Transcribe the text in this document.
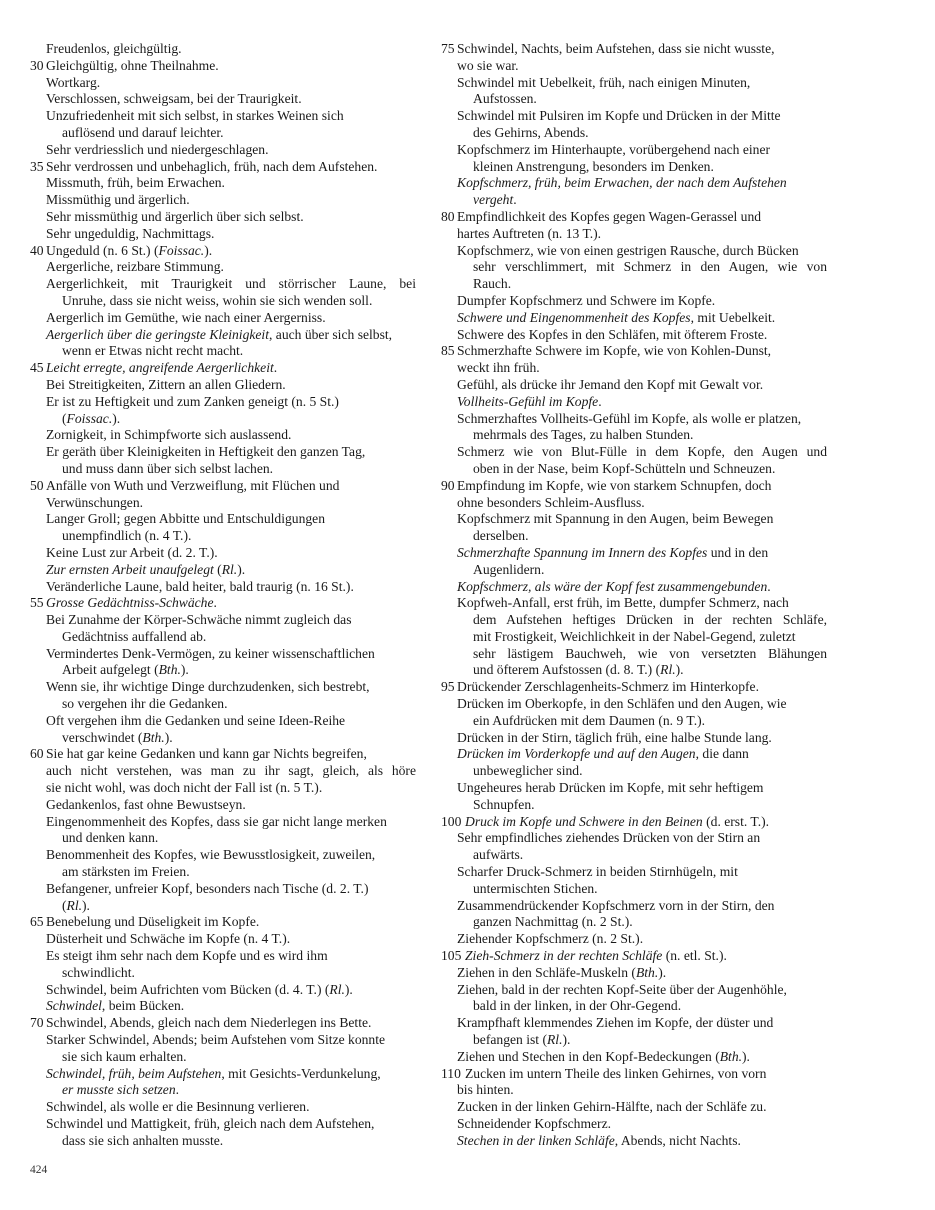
Freudenlos, gleichgültig.
30 Gleichgültig, ohne Theilnahme.
Wortkarg.
Verschlossen, schweigsam, bei der Traurigkeit.
Unzufriedenheit mit sich selbst, in starkes Weinen sich
auflösend und darauf leichter.
Sehr verdriesslich und niedergeschlagen.
35 Sehr verdrossen und unbehaglich, früh, nach dem Aufstehen.
Missmuth, früh, beim Erwachen.
Missmüthig und ärgerlich.
Sehr missmüthig und ärgerlich über sich selbst.
Sehr ungeduldig, Nachmittags.
40 Ungeduld (n. 6 St.) (Foissac.).
Aergerliche, reizbare Stimmung.
Aergerlichkeit, mit Traurigkeit und störrischer Laune, bei
Unruhe, dass sie nicht weiss, wohin sie sich wenden soll.
Aergerlich im Gemüthe, wie nach einer Aergerniss.
Aergerlich über die geringste Kleinigkeit, auch über sich selbst,
wenn er Etwas nicht recht macht.
45 Leicht erregte, angreifende Aergerlichkeit.
Bei Streitigkeiten, Zittern an allen Gliedern.
Er ist zu Heftigkeit und zum Zanken geneigt (n. 5 St.)
(Foissac.).
Zornigkeit, in Schimpfworte sich auslassend.
Er geräth über Kleinigkeiten in Heftigkeit den ganzen Tag,
und muss dann über sich selbst lachen.
50 Anfälle von Wuth und Verzweiflung, mit Flüchen und
Verwünschungen.
Langer Groll; gegen Abbitte und Entschuldigungen
unempfindlich (n. 4 T.).
Keine Lust zur Arbeit (d. 2. T.).
Zur ernsten Arbeit unaufgelegt (Rl.).
Veränderliche Laune, bald heiter, bald traurig (n. 16 St.).
55 Grosse Gedächtniss-Schwäche.
Bei Zunahme der Körper-Schwäche nimmt zugleich das
Gedächtniss auffallend ab.
Vermindertes Denk-Vermögen, zu keiner wissenschaftlichen
Arbeit aufgelegt (Bth.).
Wenn sie, ihr wichtige Dinge durchzudenken, sich bestrebt,
so vergehen ihr die Gedanken.
Oft vergehen ihm die Gedanken und seine Ideen-Reihe
verschwindet (Bth.).
60 Sie hat gar keine Gedanken und kann gar Nichts begreifen,
auch nicht verstehen, was man zu ihr sagt, gleich, als höre
sie nicht wohl, was doch nicht der Fall ist (n. 5 T.).
Gedankenlos, fast ohne Bewustseyn.
Eingenommenheit des Kopfes, dass sie gar nicht lange merken
und denken kann.
Benommenheit des Kopfes, wie Bewusstlosigkeit, zuweilen,
am stärksten im Freien.
Befangener, unfreier Kopf, besonders nach Tische (d. 2. T.)
(Rl.).
65 Benebelung und Düseligkeit im Kopfe.
Düsterheit und Schwäche im Kopfe (n. 4 T.).
Es steigt ihm sehr nach dem Kopfe und es wird ihm
schwindlicht.
Schwindel, beim Aufrichten vom Bücken (d. 4. T.) (Rl.).
Schwindel, beim Bücken.
70 Schwindel, Abends, gleich nach dem Niederlegen ins Bette.
Starker Schwindel, Abends; beim Aufstehen vom Sitze konnte
sie sich kaum erhalten.
Schwindel, früh, beim Aufstehen, mit Gesichts-Verdunkelung,
er musste sich setzen.
Schwindel, als wolle er die Besinnung verlieren.
Schwindel und Mattigkeit, früh, gleich nach dem Aufstehen,
dass sie sich anhalten musste.
75 Schwindel, Nachts, beim Aufstehen, dass sie nicht wusste,
wo sie war.
Schwindel mit Uebelkeit, früh, nach einigen Minuten,
Aufstossen.
Schwindel mit Pulsiren im Kopfe und Drücken in der Mitte
des Gehirns, Abends.
Kopfschmerz im Hinterhaupte, vorübergehend nach einer
kleinen Anstrengung, besonders im Denken.
Kopfschmerz, früh, beim Erwachen, der nach dem Aufstehen
vergeht.
80 Empfindlichkeit des Kopfes gegen Wagen-Gerassel und
hartes Auftreten (n. 13 T.).
Kopfschmerz, wie von einen gestrigen Rausche, durch Bücken
sehr verschlimmert, mit Schmerz in den Augen, wie von
Rauch.
Dumpfer Kopfschmerz und Schwere im Kopfe.
Schwere und Eingenommenheit des Kopfes, mit Uebelkeit.
Schwere des Kopfes in den Schläfen, mit öfterem Froste.
85 Schmerzhafte Schwere im Kopfe, wie von Kohlen-Dunst,
weckt ihn früh.
Gefühl, als drücke ihr Jemand den Kopf mit Gewalt vor.
Vollheits-Gefühl im Kopfe.
Schmerzhaftes Vollheits-Gefühl im Kopfe, als wolle er platzen,
mehrmals des Tages, zu halben Stunden.
Schmerz wie von Blut-Fülle in dem Kopfe, den Augen und
oben in der Nase, beim Kopf-Schütteln und Schneuzen.
90 Empfindung im Kopfe, wie von starkem Schnupfen, doch
ohne besonders Schleim-Ausfluss.
Kopfschmerz mit Spannung in den Augen, beim Bewegen
derselben.
Schmerzhafte Spannung im Innern des Kopfes und in den
Augenlidern.
Kopfschmerz, als wäre der Kopf fest zusammengebunden.
Kopfweh-Anfall, erst früh, im Bette, dumpfer Schmerz, nach
dem Aufstehen heftiges Drücken in der rechten Schläfe,
mit Frostigkeit, Weichlichkeit in der Nabel-Gegend, zuletzt
sehr lästigem Bauchweh, wie von versetzten Blähungen
und öfterem Aufstossen (d. 8. T.) (Rl.).
95 Drückender Zerschlagenheits-Schmerz im Hinterkopfe.
Drücken im Oberkopfe, in den Schläfen und den Augen, wie
ein Aufdrücken mit dem Daumen (n. 9 T.).
Drücken in der Stirn, täglich früh, eine halbe Stunde lang.
Drücken im Vorderkopfe und auf den Augen, die dann
unbeweglicher sind.
Ungeheures herab Drücken im Kopfe, mit sehr heftigem
Schnupfen.
100 Druck im Kopfe und Schwere in den Beinen (d. erst. T.).
Sehr empfindliches ziehendes Drücken von der Stirn an
aufwärts.
Scharfer Druck-Schmerz in beiden Stirnhügeln, mit
untermischten Stichen.
Zusammendrückender Kopfschmerz vorn in der Stirn, den
ganzen Nachmittag (n. 2 St.).
Ziehender Kopfschmerz (n. 2 St.).
105 Zieh-Schmerz in der rechten Schläfe (n. etl. St.).
Ziehen in den Schläfe-Muskeln (Bth.).
Ziehen, bald in der rechten Kopf-Seite über der Augenhöhle,
bald in der linken, in der Ohr-Gegend.
Krampfhaft klemmendes Ziehen im Kopfe, der düster und
befangen ist (Rl.).
Ziehen und Stechen in den Kopf-Bedeckungen (Bth.).
110 Zucken im untern Theile des linken Gehirnes, von vorn
bis hinten.
Zucken in der linken Gehirn-Hälfte, nach der Schläfe zu.
Schneidender Kopfschmerz.
Stechen in der linken Schläfe, Abends, nicht Nachts.
424
